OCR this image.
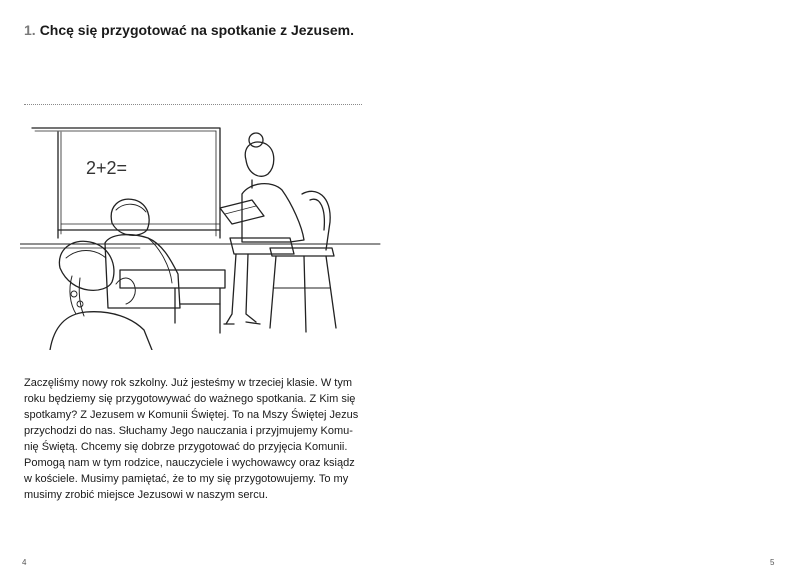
1. Chcę się przygotować na spotkanie z Jezusem.
2+2=

Zaczęliśmy nowy rok szkolny. Już jesteśmy w trzeciej klasie. W tym
roku będziemy się przygotowywać do ważnego spotkania. Z Kim się
spotkamy? Z Jezusem w Komunii Świętej. To na Mszy Świętej Jezus
przychodzi do nas. Słuchamy Jego nauczania i przyjmujemy Komu-
nię Świętą. Chcemy się dobrze przygotować do przyjęcia Komunii.
Pomogą nam w tym rodzice, nauczyciele i wychowawcy oraz ksiądz
w kościele. Musimy pamiętać, że to my się przygotowujemy. To my
musimy zrobić miejsce Jezusowi w naszym sercu.

4	5
